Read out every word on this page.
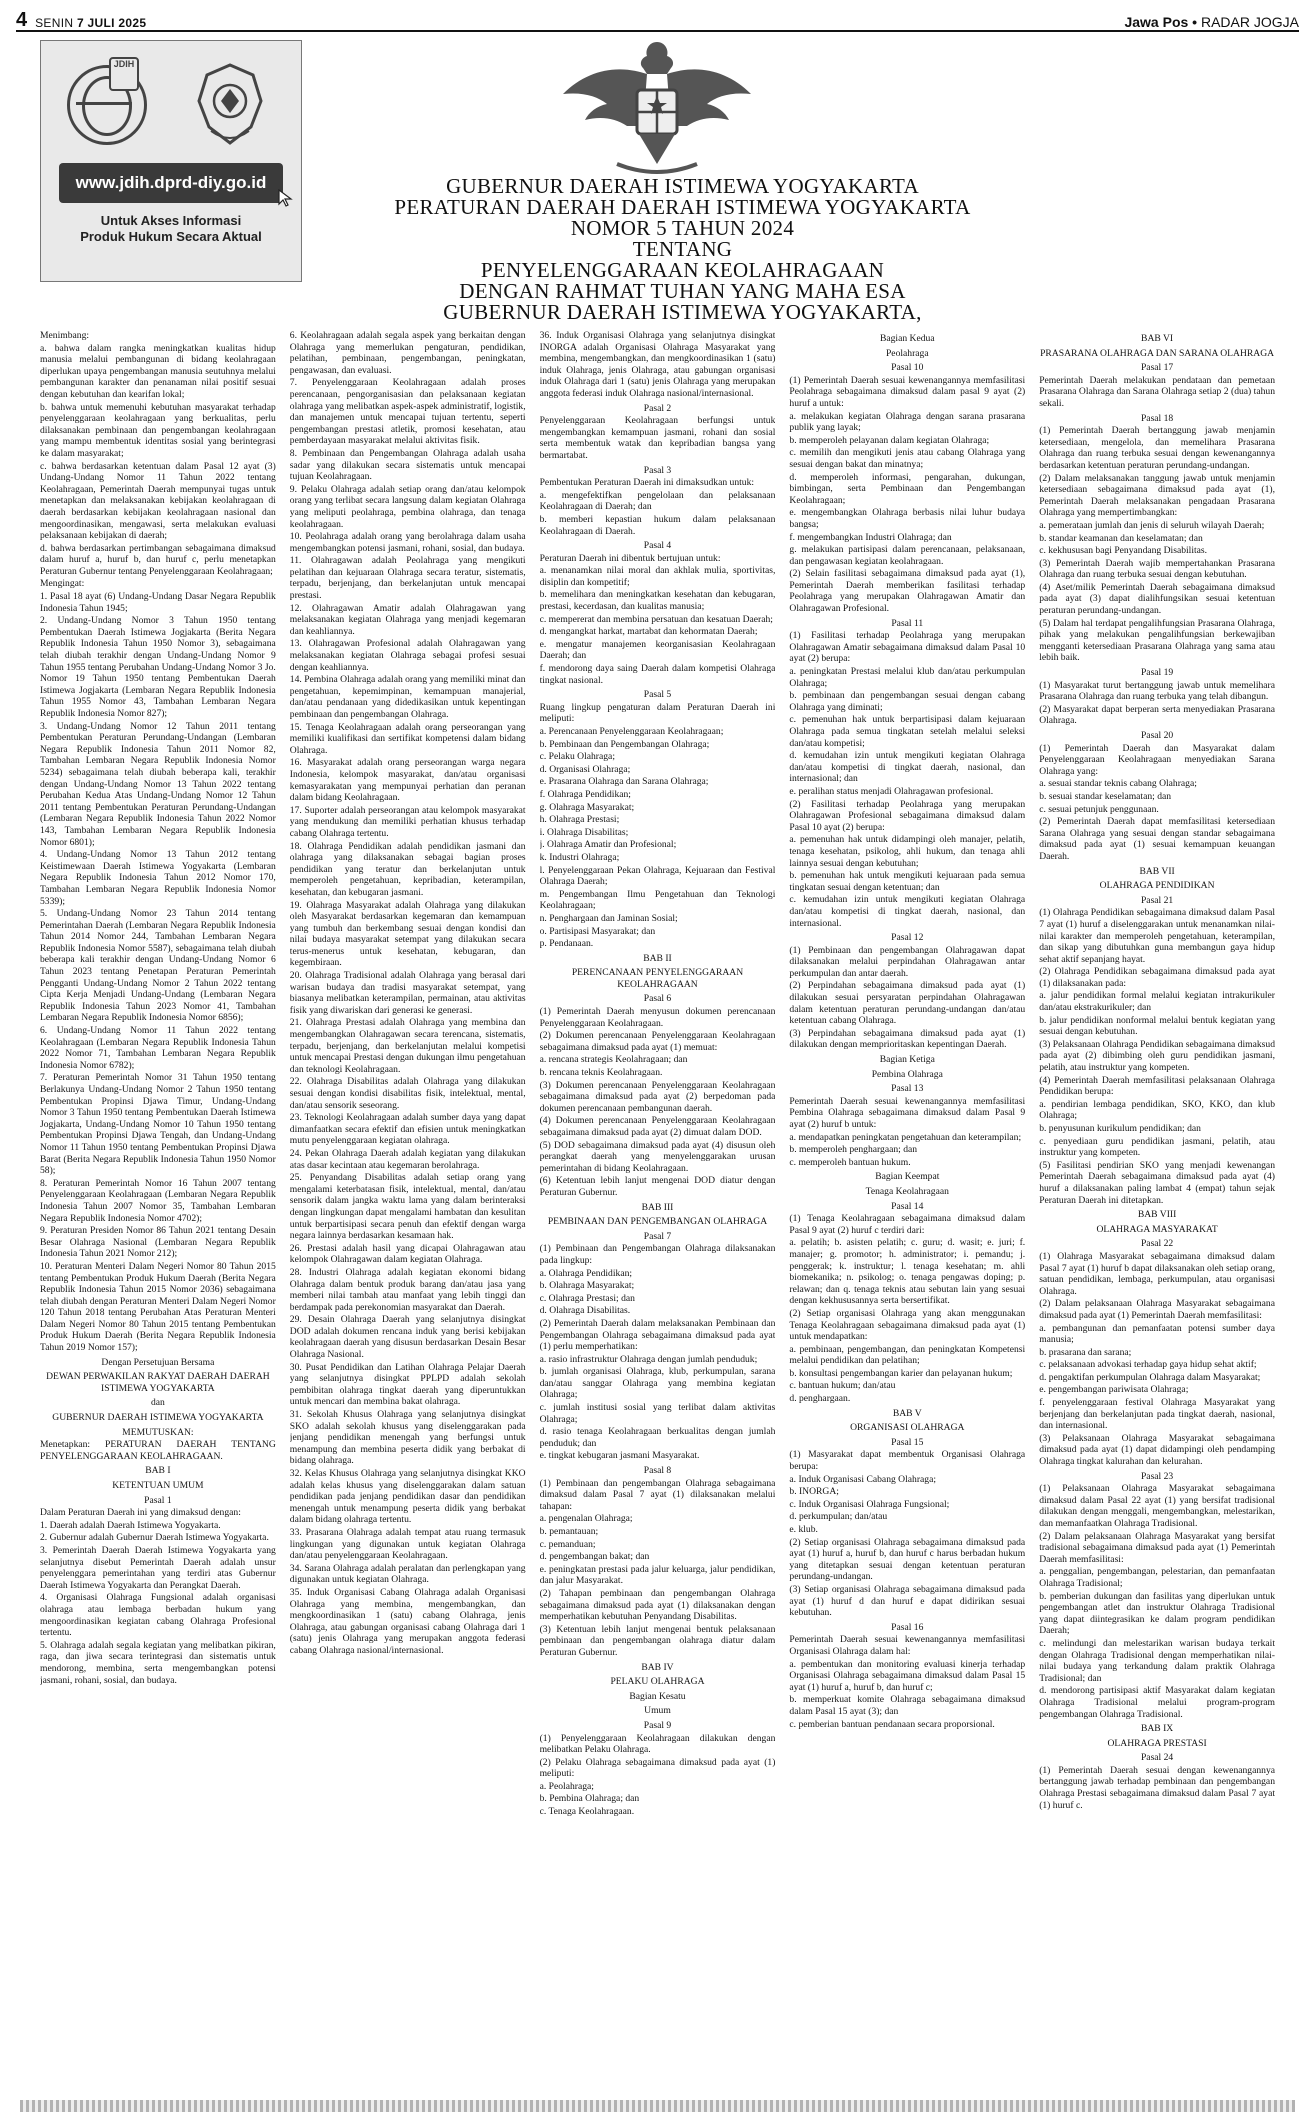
4 SENIN 7 JULI 2025	Jawa Pos • RADAR JOGJA
JDIH
www.jdih.dprd-diy.go.id
Untuk Akses Informasi
Produk Hukum Secara Aktual
GUBERNUR DAERAH ISTIMEWA YOGYAKARTA
PERATURAN DAERAH DAERAH ISTIMEWA YOGYAKARTA
NOMOR 5 TAHUN 2024
TENTANG
PENYELENGGARAAN KEOLAHRAGAAN
DENGAN RAHMAT TUHAN YANG MAHA ESA
GUBERNUR DAERAH ISTIMEWA YOGYAKARTA,

Menimbang:

a. bahwa dalam rangka meningkatkan kualitas hidup manusia melalui pembangunan di bidang keolahragaan diperlukan upaya pengembangan manusia seutuhnya melalui pembangunan karakter dan penanaman nilai positif sesuai dengan kebutuhan dan kearifan lokal;

b. bahwa untuk memenuhi kebutuhan masyarakat terhadap penyelenggaraan keolahragaan yang berkualitas, perlu dilaksanakan pembinaan dan pengembangan keolahragaan yang mampu membentuk identitas sosial yang berintegrasi ke dalam masyarakat;

c. bahwa berdasarkan ketentuan dalam Pasal 12 ayat (3) Undang-Undang Nomor 11 Tahun 2022 tentang Keolahragaan, Pemerintah Daerah mempunyai tugas untuk menetapkan dan melaksanakan kebijakan keolahragaan di daerah berdasarkan kebijakan keolahragaan nasional dan mengoordinasikan, mengawasi, serta melakukan evaluasi pelaksanaan kebijakan di daerah;

d. bahwa berdasarkan pertimbangan sebagaimana dimaksud dalam huruf a, huruf b, dan huruf c, perlu menetapkan Peraturan Gubernur tentang Penyelenggaraan Keolahragaan;

Mengingat:

1. Pasal 18 ayat (6) Undang-Undang Dasar Negara Republik Indonesia Tahun 1945;

2. Undang-Undang Nomor 3 Tahun 1950 tentang Pembentukan Daerah Istimewa Jogjakarta (Berita Negara Republik Indonesia Tahun 1950 Nomor 3), sebagaimana telah diubah terakhir dengan Undang-Undang Nomor 9 Tahun 1955 tentang Perubahan Undang-Undang Nomor 3 Jo. Nomor 19 Tahun 1950 tentang Pembentukan Daerah Istimewa Jogjakarta (Lembaran Negara Republik Indonesia Tahun 1955 Nomor 43, Tambahan Lembaran Negara Republik Indonesia Nomor 827);

3. Undang-Undang Nomor 12 Tahun 2011 tentang Pembentukan Peraturan Perundang-Undangan (Lembaran Negara Republik Indonesia Tahun 2011 Nomor 82, Tambahan Lembaran Negara Republik Indonesia Nomor 5234) sebagaimana telah diubah beberapa kali, terakhir dengan Undang-Undang Nomor 13 Tahun 2022 tentang Perubahan Kedua Atas Undang-Undang Nomor 12 Tahun 2011 tentang Pembentukan Peraturan Perundang-Undangan (Lembaran Negara Republik Indonesia Tahun 2022 Nomor 143, Tambahan Lembaran Negara Republik Indonesia Nomor 6801);

4. Undang-Undang Nomor 13 Tahun 2012 tentang Keistimewaan Daerah Istimewa Yogyakarta (Lembaran Negara Republik Indonesia Tahun 2012 Nomor 170, Tambahan Lembaran Negara Republik Indonesia Nomor 5339);

5. Undang-Undang Nomor 23 Tahun 2014 tentang Pemerintahan Daerah (Lembaran Negara Republik Indonesia Tahun 2014 Nomor 244, Tambahan Lembaran Negara Republik Indonesia Nomor 5587), sebagaimana telah diubah beberapa kali terakhir dengan Undang-Undang Nomor 6 Tahun 2023 tentang Penetapan Peraturan Pemerintah Pengganti Undang-Undang Nomor 2 Tahun 2022 tentang Cipta Kerja Menjadi Undang-Undang (Lembaran Negara Republik Indonesia Tahun 2023 Nomor 41, Tambahan Lembaran Negara Republik Indonesia Nomor 6856);

6. Undang-Undang Nomor 11 Tahun 2022 tentang Keolahragaan (Lembaran Negara Republik Indonesia Tahun 2022 Nomor 71, Tambahan Lembaran Negara Republik Indonesia Nomor 6782);

7. Peraturan Pemerintah Nomor 31 Tahun 1950 tentang Berlakunya Undang-Undang Nomor 2 Tahun 1950 tentang Pembentukan Propinsi Djawa Timur, Undang-Undang Nomor 3 Tahun 1950 tentang Pembentukan Daerah Istimewa Jogjakarta, Undang-Undang Nomor 10 Tahun 1950 tentang Pembentukan Propinsi Djawa Tengah, dan Undang-Undang Nomor 11 Tahun 1950 tentang Pembentukan Propinsi Djawa Barat (Berita Negara Republik Indonesia Tahun 1950 Nomor 58);

8. Peraturan Pemerintah Nomor 16 Tahun 2007 tentang Penyelenggaraan Keolahragaan (Lembaran Negara Republik Indonesia Tahun 2007 Nomor 35, Tambahan Lembaran Negara Republik Indonesia Nomor 4702);

9. Peraturan Presiden Nomor 86 Tahun 2021 tentang Desain Besar Olahraga Nasional (Lembaran Negara Republik Indonesia Tahun 2021 Nomor 212);

10. Peraturan Menteri Dalam Negeri Nomor 80 Tahun 2015 tentang Pembentukan Produk Hukum Daerah (Berita Negara Republik Indonesia Tahun 2015 Nomor 2036) sebagaimana telah diubah dengan Peraturan Menteri Dalam Negeri Nomor 120 Tahun 2018 tentang Perubahan Atas Peraturan Menteri Dalam Negeri Nomor 80 Tahun 2015 tentang Pembentukan Produk Hukum Daerah (Berita Negara Republik Indonesia Tahun 2019 Nomor 157);

Dengan Persetujuan Bersama

DEWAN PERWAKILAN RAKYAT DAERAH DAERAH ISTIMEWA YOGYAKARTA

dan

GUBERNUR DAERAH ISTIMEWA YOGYAKARTA

MEMUTUSKAN:

Menetapkan: PERATURAN DAERAH TENTANG PENYELENGGARAAN KEOLAHRAGAAN.

BAB I

KETENTUAN UMUM

Pasal 1

Dalam Peraturan Daerah ini yang dimaksud dengan:

1. Daerah adalah Daerah Istimewa Yogyakarta.

2. Gubernur adalah Gubernur Daerah Istimewa Yogyakarta.

3. Pemerintah Daerah Daerah Istimewa Yogyakarta yang selanjutnya disebut Pemerintah Daerah adalah unsur penyelenggara pemerintahan yang terdiri atas Gubernur Daerah Istimewa Yogyakarta dan Perangkat Daerah.

4. Organisasi Olahraga Fungsional adalah organisasi olahraga atau lembaga berbadan hukum yang mengoordinasikan kegiatan cabang Olahraga Profesional tertentu.

5. Olahraga adalah segala kegiatan yang melibatkan pikiran, raga, dan jiwa secara terintegrasi dan sistematis untuk mendorong, membina, serta mengembangkan potensi jasmani, rohani, sosial, dan budaya.

6. Keolahragaan adalah segala aspek yang berkaitan dengan Olahraga yang memerlukan pengaturan, pendidikan, pelatihan, pembinaan, pengembangan, peningkatan, pengawasan, dan evaluasi.

7. Penyelenggaraan Keolahragaan adalah proses perencanaan, pengorganisasian dan pelaksanaan kegiatan olahraga yang melibatkan aspek-aspek administratif, logistik, dan manajemen untuk mencapai tujuan tertentu, seperti pengembangan prestasi atletik, promosi kesehatan, atau pemberdayaan masyarakat melalui aktivitas fisik.

8. Pembinaan dan Pengembangan Olahraga adalah usaha sadar yang dilakukan secara sistematis untuk mencapai tujuan Keolahragaan.

9. Pelaku Olahraga adalah setiap orang dan/atau kelompok orang yang terlibat secara langsung dalam kegiatan Olahraga yang meliputi peolahraga, pembina olahraga, dan tenaga keolahragaan.

10. Peolahraga adalah orang yang berolahraga dalam usaha mengembangkan potensi jasmani, rohani, sosial, dan budaya.

11. Olahragawan adalah Peolahraga yang mengikuti pelatihan dan kejuaraan Olahraga secara teratur, sistematis, terpadu, berjenjang, dan berkelanjutan untuk mencapai prestasi.

12. Olahragawan Amatir adalah Olahragawan yang melaksanakan kegiatan Olahraga yang menjadi kegemaran dan keahliannya.

13. Olahragawan Profesional adalah Olahragawan yang melaksanakan kegiatan Olahraga sebagai profesi sesuai dengan keahliannya.

14. Pembina Olahraga adalah orang yang memiliki minat dan pengetahuan, kepemimpinan, kemampuan manajerial, dan/atau pendanaan yang didedikasikan untuk kepentingan pembinaan dan pengembangan Olahraga.

15. Tenaga Keolahragaan adalah orang perseorangan yang memiliki kualifikasi dan sertifikat kompetensi dalam bidang Olahraga.

16. Masyarakat adalah orang perseorangan warga negara Indonesia, kelompok masyarakat, dan/atau organisasi kemasyarakatan yang mempunyai perhatian dan peranan dalam bidang Keolahragaan.

17. Suporter adalah perseorangan atau kelompok masyarakat yang mendukung dan memiliki perhatian khusus terhadap cabang Olahraga tertentu.

18. Olahraga Pendidikan adalah pendidikan jasmani dan olahraga yang dilaksanakan sebagai bagian proses pendidikan yang teratur dan berkelanjutan untuk memperoleh pengetahuan, kepribadian, keterampilan, kesehatan, dan kebugaran jasmani.

19. Olahraga Masyarakat adalah Olahraga yang dilakukan oleh Masyarakat berdasarkan kegemaran dan kemampuan yang tumbuh dan berkembang sesuai dengan kondisi dan nilai budaya masyarakat setempat yang dilakukan secara terus-menerus untuk kesehatan, kebugaran, dan kegembiraan.

20. Olahraga Tradisional adalah Olahraga yang berasal dari warisan budaya dan tradisi masyarakat setempat, yang biasanya melibatkan keterampilan, permainan, atau aktivitas fisik yang diwariskan dari generasi ke generasi.

21. Olahraga Prestasi adalah Olahraga yang membina dan mengembangkan Olahragawan secara terencana, sistematis, terpadu, berjenjang, dan berkelanjutan melalui kompetisi untuk mencapai Prestasi dengan dukungan ilmu pengetahuan dan teknologi Keolahragaan.

22. Olahraga Disabilitas adalah Olahraga yang dilakukan sesuai dengan kondisi disabilitas fisik, intelektual, mental, dan/atau sensorik seseorang.

23. Teknologi Keolahragaan adalah sumber daya yang dapat dimanfaatkan secara efektif dan efisien untuk meningkatkan mutu penyelenggaraan kegiatan olahraga.

24. Pekan Olahraga Daerah adalah kegiatan yang dilakukan atas dasar kecintaan atau kegemaran berolahraga.

25. Penyandang Disabilitas adalah setiap orang yang mengalami keterbatasan fisik, intelektual, mental, dan/atau sensorik dalam jangka waktu lama yang dalam berinteraksi dengan lingkungan dapat mengalami hambatan dan kesulitan untuk berpartisipasi secara penuh dan efektif dengan warga negara lainnya berdasarkan kesamaan hak.

26. Prestasi adalah hasil yang dicapai Olahragawan atau kelompok Olahragawan dalam kegiatan Olahraga.

28. Industri Olahraga adalah kegiatan ekonomi bidang Olahraga dalam bentuk produk barang dan/atau jasa yang memberi nilai tambah atau manfaat yang lebih tinggi dan berdampak pada perekonomian masyarakat dan Daerah.

29. Desain Olahraga Daerah yang selanjutnya disingkat DOD adalah dokumen rencana induk yang berisi kebijakan keolahragaan daerah yang disusun berdasarkan Desain Besar Olahraga Nasional.

30. Pusat Pendidikan dan Latihan Olahraga Pelajar Daerah yang selanjutnya disingkat PPLPD adalah sekolah pembibitan olahraga tingkat daerah yang diperuntukkan untuk mencari dan membina bakat olahraga.

31. Sekolah Khusus Olahraga yang selanjutnya disingkat SKO adalah sekolah khusus yang diselenggarakan pada jenjang pendidikan menengah yang berfungsi untuk menampung dan membina peserta didik yang berbakat di bidang olahraga.

32. Kelas Khusus Olahraga yang selanjutnya disingkat KKO adalah kelas khusus yang diselenggarakan dalam satuan pendidikan pada jenjang pendidikan dasar dan pendidikan menengah untuk menampung peserta didik yang berbakat dalam bidang olahraga tertentu.

33. Prasarana Olahraga adalah tempat atau ruang termasuk lingkungan yang digunakan untuk kegiatan Olahraga dan/atau penyelenggaraan Keolahragaan.

34. Sarana Olahraga adalah peralatan dan perlengkapan yang digunakan untuk kegiatan Olahraga.

35. Induk Organisasi Cabang Olahraga adalah Organisasi Olahraga yang membina, mengembangkan, dan mengkoordinasikan 1 (satu) cabang Olahraga, jenis Olahraga, atau gabungan organisasi cabang Olahraga dari 1 (satu) jenis Olahraga yang merupakan anggota federasi cabang Olahraga nasional/internasional.

36. Induk Organisasi Olahraga yang selanjutnya disingkat INORGA adalah Organisasi Olahraga Masyarakat yang membina, mengembangkan, dan mengkoordinasikan 1 (satu) induk Olahraga, jenis Olahraga, atau gabungan organisasi induk Olahraga dari 1 (satu) jenis Olahraga yang merupakan anggota federasi induk Olahraga nasional/internasional.

Pasal 2

Penyelenggaraan Keolahragaan berfungsi untuk mengembangkan kemampuan jasmani, rohani dan sosial serta membentuk watak dan kepribadian bangsa yang bermartabat.

Pasal 3

Pembentukan Peraturan Daerah ini dimaksudkan untuk:

a. mengefektifkan pengelolaan dan pelaksanaan Keolahragaan di Daerah; dan

b. memberi kepastian hukum dalam pelaksanaan Keolahragaan di Daerah.

Pasal 4

Peraturan Daerah ini dibentuk bertujuan untuk:

a. menanamkan nilai moral dan akhlak mulia, sportivitas, disiplin dan kompetitif;

b. memelihara dan meningkatkan kesehatan dan kebugaran, prestasi, kecerdasan, dan kualitas manusia;

c. mempererat dan membina persatuan dan kesatuan Daerah;

d. mengangkat harkat, martabat dan kehormatan Daerah;

e. mengatur manajemen keorganisasian Keolahragaan Daerah; dan

f. mendorong daya saing Daerah dalam kompetisi Olahraga tingkat nasional.

Pasal 5

Ruang lingkup pengaturan dalam Peraturan Daerah ini meliputi:

a. Perencanaan Penyelenggaraan Keolahragaan;

b. Pembinaan dan Pengembangan Olahraga;

c. Pelaku Olahraga;

d. Organisasi Olahraga;

e. Prasarana Olahraga dan Sarana Olahraga;

f. Olahraga Pendidikan;

g. Olahraga Masyarakat;

h. Olahraga Prestasi;

i. Olahraga Disabilitas;

j. Olahraga Amatir dan Profesional;

k. Industri Olahraga;

l. Penyelenggaraan Pekan Olahraga, Kejuaraan dan Festival Olahraga Daerah;

m. Pengembangan Ilmu Pengetahuan dan Teknologi Keolahragaan;

n. Penghargaan dan Jaminan Sosial;

o. Partisipasi Masyarakat; dan

p. Pendanaan.

BAB II

PERENCANAAN PENYELENGGARAAN KEOLAHRAGAAN

Pasal 6

(1) Pemerintah Daerah menyusun dokumen perencanaan Penyelenggaraan Keolahragaan.

(2) Dokumen perencanaan Penyelenggaraan Keolahragaan sebagaimana dimaksud pada ayat (1) memuat:

a. rencana strategis Keolahragaan; dan

b. rencana teknis Keolahragaan.

(3) Dokumen perencanaan Penyelenggaraan Keolahragaan sebagaimana dimaksud pada ayat (2) berpedoman pada dokumen perencanaan pembangunan daerah.

(4) Dokumen perencanaan Penyelenggaraan Keolahragaan sebagaimana dimaksud pada ayat (2) dimuat dalam DOD.

(5) DOD sebagaimana dimaksud pada ayat (4) disusun oleh perangkat daerah yang menyelenggarakan urusan pemerintahan di bidang Keolahragaan.

(6) Ketentuan lebih lanjut mengenai DOD diatur dengan Peraturan Gubernur.

BAB III

PEMBINAAN DAN PENGEMBANGAN OLAHRAGA

Pasal 7

(1) Pembinaan dan Pengembangan Olahraga dilaksanakan pada lingkup:

a. Olahraga Pendidikan;

b. Olahraga Masyarakat;

c. Olahraga Prestasi; dan

d. Olahraga Disabilitas.

(2) Pemerintah Daerah dalam melaksanakan Pembinaan dan Pengembangan Olahraga sebagaimana dimaksud pada ayat (1) perlu memperhatikan:

a. rasio infrastruktur Olahraga dengan jumlah penduduk;

b. jumlah organisasi Olahraga, klub, perkumpulan, sarana dan/atau sanggar Olahraga yang membina kegiatan Olahraga;

c. jumlah institusi sosial yang terlibat dalam aktivitas Olahraga;

d. rasio tenaga Keolahragaan berkualitas dengan jumlah penduduk; dan

e. tingkat kebugaran jasmani Masyarakat.

Pasal 8

(1) Pembinaan dan pengembangan Olahraga sebagaimana dimaksud dalam Pasal 7 ayat (1) dilaksanakan melalui tahapan:

a. pengenalan Olahraga;

b. pemantauan;

c. pemanduan;

d. pengembangan bakat; dan

e. peningkatan prestasi pada jalur keluarga, jalur pendidikan, dan jalur Masyarakat.

(2) Tahapan pembinaan dan pengembangan Olahraga sebagaimana dimaksud pada ayat (1) dilaksanakan dengan memperhatikan kebutuhan Penyandang Disabilitas.

(3) Ketentuan lebih lanjut mengenai bentuk pelaksanaan pembinaan dan pengembangan olahraga diatur dalam Peraturan Gubernur.

BAB IV

PELAKU OLAHRAGA

Bagian Kesatu

Umum

Pasal 9

(1) Penyelenggaraan Keolahragaan dilakukan dengan melibatkan Pelaku Olahraga.

(2) Pelaku Olahraga sebagaimana dimaksud pada ayat (1) meliputi:

a. Peolahraga;

b. Pembina Olahraga; dan

c. Tenaga Keolahragaan.

Bagian Kedua

Peolahraga

Pasal 10

(1) Pemerintah Daerah sesuai kewenangannya memfasilitasi Peolahraga sebagaimana dimaksud dalam pasal 9 ayat (2) huruf a untuk:

a. melakukan kegiatan Olahraga dengan sarana prasarana publik yang layak;

b. memperoleh pelayanan dalam kegiatan Olahraga;

c. memilih dan mengikuti jenis atau cabang Olahraga yang sesuai dengan bakat dan minatnya;

d. memperoleh informasi, pengarahan, dukungan, bimbingan, serta Pembinaan dan Pengembangan Keolahragaan;

e. mengembangkan Olahraga berbasis nilai luhur budaya bangsa;

f. mengembangkan Industri Olahraga; dan

g. melakukan partisipasi dalam perencanaan, pelaksanaan, dan pengawasan kegiatan keolahragaan.

(2) Selain fasilitasi sebagaimana dimaksud pada ayat (1), Pemerintah Daerah memberikan fasilitasi terhadap Peolahraga yang merupakan Olahragawan Amatir dan Olahragawan Profesional.

Pasal 11

(1) Fasilitasi terhadap Peolahraga yang merupakan Olahragawan Amatir sebagaimana dimaksud dalam Pasal 10 ayat (2) berupa:

a. peningkatan Prestasi melalui klub dan/atau perkumpulan Olahraga;

b. pembinaan dan pengembangan sesuai dengan cabang Olahraga yang diminati;

c. pemenuhan hak untuk berpartisipasi dalam kejuaraan Olahraga pada semua tingkatan setelah melalui seleksi dan/atau kompetisi;

d. kemudahan izin untuk mengikuti kegiatan Olahraga dan/atau kompetisi di tingkat daerah, nasional, dan internasional; dan

e. peralihan status menjadi Olahragawan profesional.

(2) Fasilitasi terhadap Peolahraga yang merupakan Olahragawan Profesional sebagaimana dimaksud dalam Pasal 10 ayat (2) berupa:

a. pemenuhan hak untuk didampingi oleh manajer, pelatih, tenaga kesehatan, psikolog, ahli hukum, dan tenaga ahli lainnya sesuai dengan kebutuhan;

b. pemenuhan hak untuk mengikuti kejuaraan pada semua tingkatan sesuai dengan ketentuan; dan

c. kemudahan izin untuk mengikuti kegiatan Olahraga dan/atau kompetisi di tingkat daerah, nasional, dan internasional.

Pasal 12

(1) Pembinaan dan pengembangan Olahragawan dapat dilaksanakan melalui perpindahan Olahragawan antar perkumpulan dan antar daerah.

(2) Perpindahan sebagaimana dimaksud pada ayat (1) dilakukan sesuai persyaratan perpindahan Olahragawan dalam ketentuan peraturan perundang-undangan dan/atau ketentuan cabang Olahraga.

(3) Perpindahan sebagaimana dimaksud pada ayat (1) dilakukan dengan memprioritaskan kepentingan Daerah.

Bagian Ketiga

Pembina Olahraga

Pasal 13

Pemerintah Daerah sesuai kewenangannya memfasilitasi Pembina Olahraga sebagaimana dimaksud dalam Pasal 9 ayat (2) huruf b untuk:

a. mendapatkan peningkatan pengetahuan dan keterampilan;

b. memperoleh penghargaan; dan

c. memperoleh bantuan hukum.

Bagian Keempat

Tenaga Keolahragaan

Pasal 14

(1) Tenaga Keolahragaan sebagaimana dimaksud dalam Pasal 9 ayat (2) huruf c terdiri dari:

a. pelatih; b. asisten pelatih; c. guru; d. wasit; e. juri; f. manajer; g. promotor; h. administrator; i. pemandu; j. penggerak; k. instruktur; l. tenaga kesehatan; m. ahli biomekanika; n. psikolog; o. tenaga pengawas doping; p. relawan; dan q. tenaga teknis atau sebutan lain yang sesuai dengan kekhususannya serta bersertifikat.

(2) Setiap organisasi Olahraga yang akan menggunakan Tenaga Keolahragaan sebagaimana dimaksud pada ayat (1) untuk mendapatkan:

a. pembinaan, pengembangan, dan peningkatan Kompetensi melalui pendidikan dan pelatihan;

b. konsultasi pengembangan karier dan pelayanan hukum;

c. bantuan hukum; dan/atau

d. penghargaan.

BAB V

ORGANISASI OLAHRAGA

Pasal 15

(1) Masyarakat dapat membentuk Organisasi Olahraga berupa:

a. Induk Organisasi Cabang Olahraga;

b. INORGA;

c. Induk Organisasi Olahraga Fungsional;

d. perkumpulan; dan/atau

e. klub.

(2) Setiap organisasi Olahraga sebagaimana dimaksud pada ayat (1) huruf a, huruf b, dan huruf c harus berbadan hukum yang ditetapkan sesuai dengan ketentuan peraturan perundang-undangan.

(3) Setiap organisasi Olahraga sebagaimana dimaksud pada ayat (1) huruf d dan huruf e dapat didirikan sesuai kebutuhan.

Pasal 16

Pemerintah Daerah sesuai kewenangannya memfasilitasi Organisasi Olahraga dalam hal:

a. pembentukan dan monitoring evaluasi kinerja terhadap Organisasi Olahraga sebagaimana dimaksud dalam Pasal 15 ayat (1) huruf a, huruf b, dan huruf c;

b. memperkuat komite Olahraga sebagaimana dimaksud dalam Pasal 15 ayat (3); dan

c. pemberian bantuan pendanaan secara proporsional.

BAB VI

PRASARANA OLAHRAGA DAN SARANA OLAHRAGA

Pasal 17

Pemerintah Daerah melakukan pendataan dan pemetaan Prasarana Olahraga dan Sarana Olahraga setiap 2 (dua) tahun sekali.

Pasal 18

(1) Pemerintah Daerah bertanggung jawab menjamin ketersediaan, mengelola, dan memelihara Prasarana Olahraga dan ruang terbuka sesuai dengan kewenangannya berdasarkan ketentuan peraturan perundang-undangan.

(2) Dalam melaksanakan tanggung jawab untuk menjamin ketersediaan sebagaimana dimaksud pada ayat (1), Pemerintah Daerah melaksanakan pengadaan Prasarana Olahraga yang mempertimbangkan:

a. pemerataan jumlah dan jenis di seluruh wilayah Daerah;

b. standar keamanan dan keselamatan; dan

c. kekhususan bagi Penyandang Disabilitas.

(3) Pemerintah Daerah wajib mempertahankan Prasarana Olahraga dan ruang terbuka sesuai dengan kebutuhan.

(4) Aset/milik Pemerintah Daerah sebagaimana dimaksud pada ayat (3) dapat dialihfungsikan sesuai ketentuan peraturan perundang-undangan.

(5) Dalam hal terdapat pengalihfungsian Prasarana Olahraga, pihak yang melakukan pengalihfungsian berkewajiban mengganti ketersediaan Prasarana Olahraga yang sama atau lebih baik.

Pasal 19

(1) Masyarakat turut bertanggung jawab untuk memelihara Prasarana Olahraga dan ruang terbuka yang telah dibangun.

(2) Masyarakat dapat berperan serta menyediakan Prasarana Olahraga.

Pasal 20

(1) Pemerintah Daerah dan Masyarakat dalam Penyelenggaraan Keolahragaan menyediakan Sarana Olahraga yang:

a. sesuai standar teknis cabang Olahraga;

b. sesuai standar keselamatan; dan

c. sesuai petunjuk penggunaan.

(2) Pemerintah Daerah dapat memfasilitasi ketersediaan Sarana Olahraga yang sesuai dengan standar sebagaimana dimaksud pada ayat (1) sesuai kemampuan keuangan Daerah.

BAB VII

OLAHRAGA PENDIDIKAN

Pasal 21

(1) Olahraga Pendidikan sebagaimana dimaksud dalam Pasal 7 ayat (1) huruf a diselenggarakan untuk menanamkan nilai-nilai karakter dan memperoleh pengetahuan, keterampilan, dan sikap yang dibutuhkan guna membangun gaya hidup sehat aktif sepanjang hayat.

(2) Olahraga Pendidikan sebagaimana dimaksud pada ayat (1) dilaksanakan pada:

a. jalur pendidikan formal melalui kegiatan intrakurikuler dan/atau ekstrakurikuler; dan

b. jalur pendidikan nonformal melalui bentuk kegiatan yang sesuai dengan kebutuhan.

(3) Pelaksanaan Olahraga Pendidikan sebagaimana dimaksud pada ayat (2) dibimbing oleh guru pendidikan jasmani, pelatih, atau instruktur yang kompeten.

(4) Pemerintah Daerah memfasilitasi pelaksanaan Olahraga Pendidikan berupa:

a. pendirian lembaga pendidikan, SKO, KKO, dan klub Olahraga;

b. penyusunan kurikulum pendidikan; dan

c. penyediaan guru pendidikan jasmani, pelatih, atau instruktur yang kompeten.

(5) Fasilitasi pendirian SKO yang menjadi kewenangan Pemerintah Daerah sebagaimana dimaksud pada ayat (4) huruf a dilaksanakan paling lambat 4 (empat) tahun sejak Peraturan Daerah ini ditetapkan.

BAB VIII

OLAHRAGA MASYARAKAT

Pasal 22

(1) Olahraga Masyarakat sebagaimana dimaksud dalam Pasal 7 ayat (1) huruf b dapat dilaksanakan oleh setiap orang, satuan pendidikan, lembaga, perkumpulan, atau organisasi Olahraga.

(2) Dalam pelaksanaan Olahraga Masyarakat sebagaimana dimaksud pada ayat (1) Pemerintah Daerah memfasilitasi:

a. pembangunan dan pemanfaatan potensi sumber daya manusia;

b. prasarana dan sarana;

c. pelaksanaan advokasi terhadap gaya hidup sehat aktif;

d. pengaktifan perkumpulan Olahraga dalam Masyarakat;

e. pengembangan pariwisata Olahraga;

f. penyelenggaraan festival Olahraga Masyarakat yang berjenjang dan berkelanjutan pada tingkat daerah, nasional, dan internasional.

(3) Pelaksanaan Olahraga Masyarakat sebagaimana dimaksud pada ayat (1) dapat didampingi oleh pendamping Olahraga tingkat kalurahan dan kelurahan.

Pasal 23

(1) Pelaksanaan Olahraga Masyarakat sebagaimana dimaksud dalam Pasal 22 ayat (1) yang bersifat tradisional dilakukan dengan menggali, mengembangkan, melestarikan, dan memanfaatkan Olahraga Tradisional.

(2) Dalam pelaksanaan Olahraga Masyarakat yang bersifat tradisional sebagaimana dimaksud pada ayat (1) Pemerintah Daerah memfasilitasi:

a. penggalian, pengembangan, pelestarian, dan pemanfaatan Olahraga Tradisional;

b. pemberian dukungan dan fasilitas yang diperlukan untuk pengembangan atlet dan instruktur Olahraga Tradisional yang dapat diintegrasikan ke dalam program pendidikan Daerah;

c. melindungi dan melestarikan warisan budaya terkait dengan Olahraga Tradisional dengan memperhatikan nilai-nilai budaya yang terkandung dalam praktik Olahraga Tradisional; dan

d. mendorong partisipasi aktif Masyarakat dalam kegiatan Olahraga Tradisional melalui program-program pengembangan Olahraga Tradisional.

BAB IX

OLAHRAGA PRESTASI

Pasal 24

(1) Pemerintah Daerah sesuai dengan kewenangannya bertanggung jawab terhadap pembinaan dan pengembangan Olahraga Prestasi sebagaimana dimaksud dalam Pasal 7 ayat (1) huruf c.
